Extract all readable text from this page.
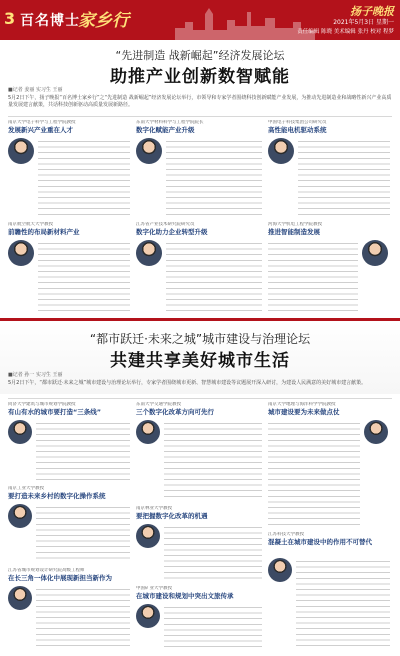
3 百名博士
家乡行	扬子晚报
2021年5月3日 星期一
责任编辑 陈晓 美术编辑 张丹 校对 程梦
“先进制造 战新崛起”经济发展论坛
助推产业创新数智赋能
■记者 姜丽 实习生 王丽
5月2日下午，扬子晚报“百名博士家乡行”之“先进制造 战新崛起”经济发展论坛举行，市领导和专家学者围绕科技创新赋能产业发展，为推动先进制造业和战略性新兴产业高质量发展建言献策，共话科技创新驱动高质量发展新路径。
南京大学电子科学与工程学院教授
发展新兴产业重在人才
东南大学材料科学与工程学院院长
数字化赋能产业升级
中国电子科技集团公司研究员
高性能电机驱动系统
南京航空航天大学教授
前瞻性的布局新材料产业
江苏省产业技术研究院研究员
数字化助力企业转型升级
河海大学机电工程学院教授
推进智能制造发展
“都市跃迁·未来之城”城市建设与治理论坛
共建共享美好城市生活
■记者 孙一 实习生 王丽
5月2日下午，“都市跃迁·未来之城”城市建设与治理论坛举行，专家学者围绕城市更新、智慧城市建设等议题展开深入研讨，为建设人民满意的美好城市建言献策。
同济大学建筑与城市规划学院教授
有山有水的城市要打造“三条线”
南京工业大学教授
要打造未来乡村的数字化操作系统
江苏省城市规划设计研究院高级工程师
在长三角一体化中展现新担当新作为
东南大学交通学院教授
三个数字化改革方向可先行
南京林业大学教授
要把握数字化改革的机遇
中国矿业大学教授
在城市建设和规划中突出文旅传承
南京大学地理与海洋科学学院教授
城市建设要为未来做点仗
江苏科技大学教授
混凝土在城市建设中的作用不可替代
